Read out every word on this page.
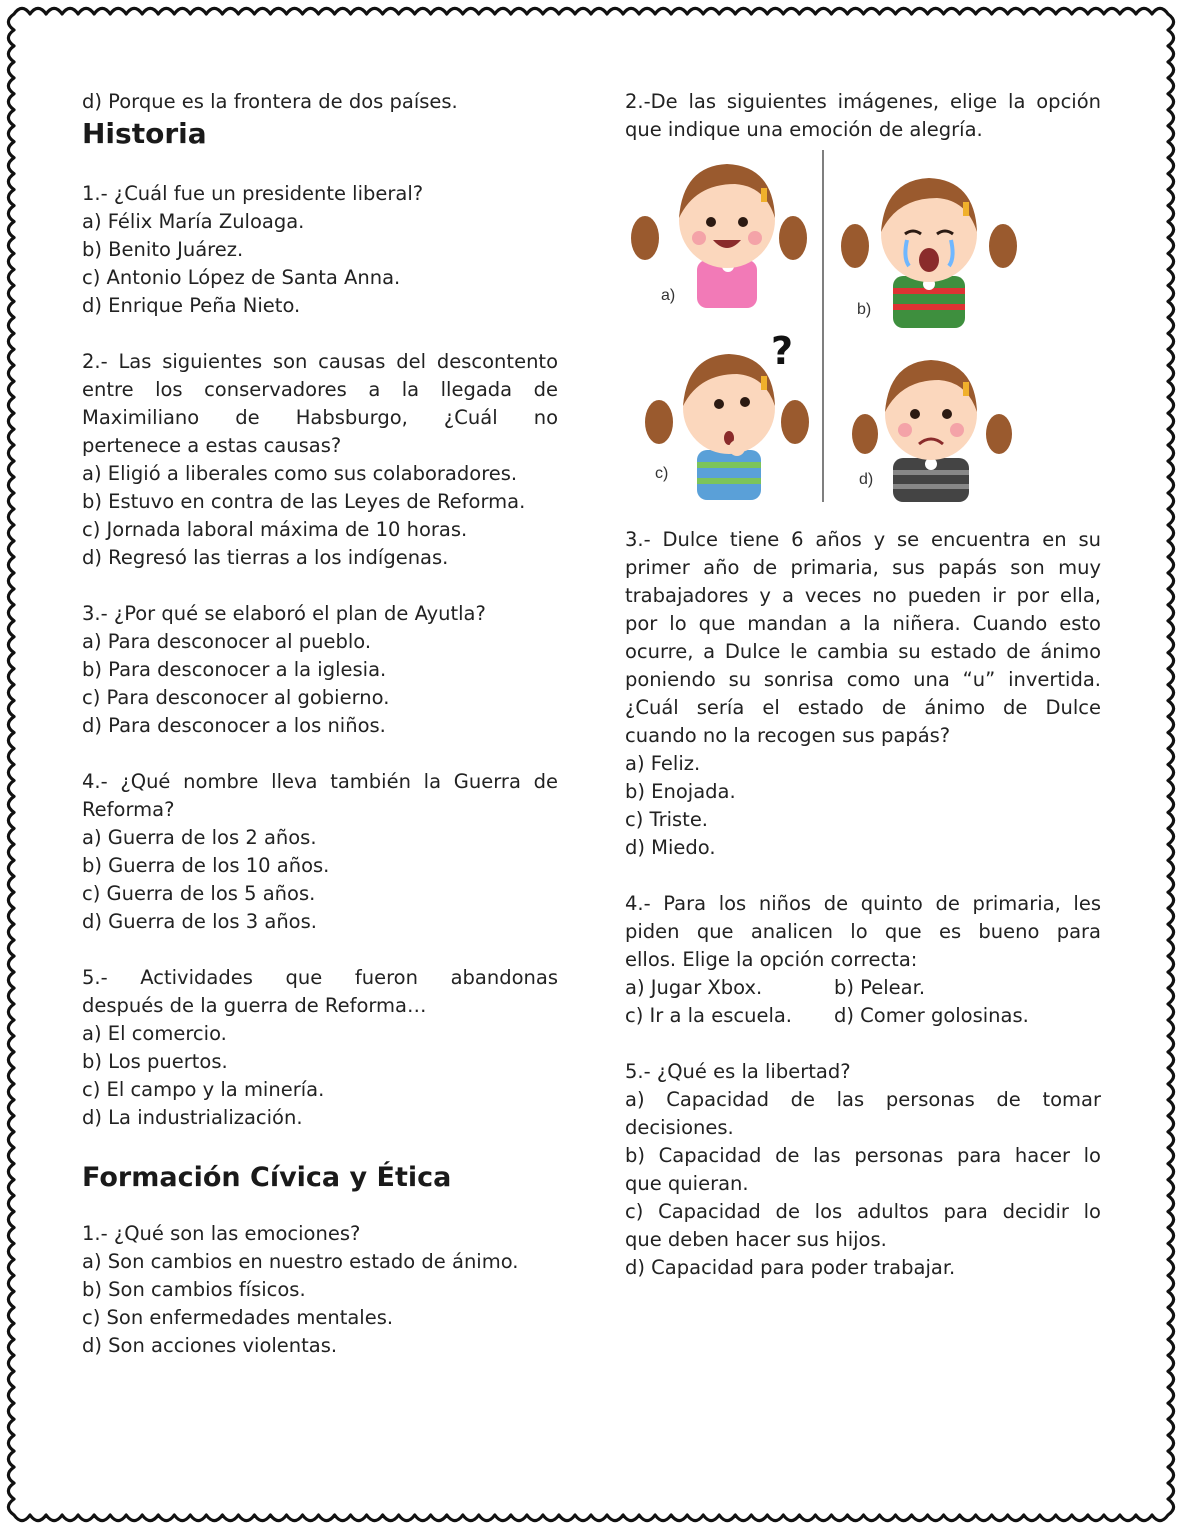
d) Porque es la frontera de dos países.
Historia
1.- ¿Cuál fue un presidente liberal?
a) Félix María Zuloaga.
b) Benito Juárez.
c) Antonio López de Santa Anna.
d) Enrique Peña Nieto.
2.- Las siguientes son causas del descontento
entre los conservadores a la llegada de
Maximiliano de Habsburgo, ¿Cuál no
pertenece a estas causas?
a) Eligió a liberales como sus colaboradores.
b) Estuvo en contra de las Leyes de Reforma.
c) Jornada laboral máxima de 10 horas.
d) Regresó las tierras a los indígenas.
3.- ¿Por qué se elaboró el plan de Ayutla?
a) Para desconocer al pueblo.
b) Para desconocer a la iglesia.
c) Para desconocer al gobierno.
d) Para desconocer a los niños.
4.- ¿Qué nombre lleva también la Guerra de
Reforma?
a) Guerra de los 2 años.
b) Guerra de los 10 años.
c) Guerra de los 5 años.
d) Guerra de los 3 años.
5.- Actividades que fueron abandonas
después de la guerra de Reforma…
a) El comercio.
b) Los puertos.
c) El campo y la minería.
d) La industrialización.
Formación Cívica y Ética
1.- ¿Qué son las emociones?
a) Son cambios en nuestro estado de ánimo.
b) Son cambios físicos.
c) Son enfermedades mentales.
d) Son acciones violentas.
2.-De las siguientes imágenes, elige la opción
que indique una emoción de alegría.
a)
b)
?
c)	d)
3.- Dulce tiene 6 años y se encuentra en su
primer año de primaria, sus papás son muy
trabajadores y a veces no pueden ir por ella,
por lo que mandan a la niñera. Cuando esto
ocurre, a Dulce le cambia su estado de ánimo
poniendo su sonrisa como una “u” invertida.
¿Cuál sería el estado de ánimo de Dulce
cuando no la recogen sus papás?
a) Feliz.
b) Enojada.
c) Triste.
d) Miedo.
4.- Para los niños de quinto de primaria, les
piden que analicen lo que es bueno para
ellos. Elige la opción correcta:
a) Jugar Xbox.	b) Pelear.
c) Ir a la escuela.	d) Comer golosinas.
5.- ¿Qué es la libertad?
a) Capacidad de las personas de tomar
decisiones.
b) Capacidad de las personas para hacer lo
que quieran.
c) Capacidad de los adultos para decidir lo
que deben hacer sus hijos.
d) Capacidad para poder trabajar.
